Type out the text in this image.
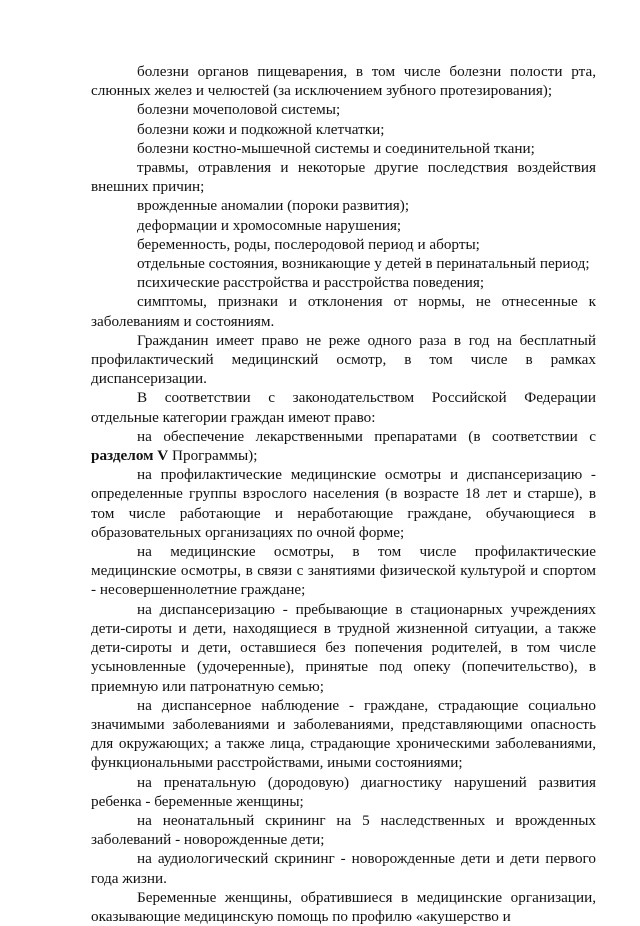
болезни органов пищеварения, в том числе болезни полости рта, слюнных желез и челюстей (за исключением зубного протезирования);

болезни мочеполовой системы;

болезни кожи и подкожной клетчатки;

болезни костно-мышечной системы и соединительной ткани;

травмы, отравления и некоторые другие последствия воздействия внешних причин;

врожденные аномалии (пороки развития);

деформации и хромосомные нарушения;

беременность, роды, послеродовой период и аборты;

отдельные состояния, возникающие у детей в перинатальный период;

психические расстройства и расстройства поведения;

симптомы, признаки и отклонения от нормы, не отнесенные к заболеваниям и состояниям.

Гражданин имеет право не реже одного раза в год на бесплатный профилактический медицинский осмотр, в том числе в рамках диспансеризации.

В соответствии с законодательством Российской Федерации отдельные категории граждан имеют право:

на обеспечение лекарственными препаратами (в соответствии с разделом V Программы);

на профилактические медицинские осмотры и диспансеризацию - определенные группы взрослого населения (в возрасте 18 лет и старше), в том числе работающие и неработающие граждане, обучающиеся в образовательных организациях по очной форме;

на медицинские осмотры, в том числе профилактические медицинские осмотры, в связи с занятиями физической культурой и спортом - несовершеннолетние граждане;

на диспансеризацию - пребывающие в стационарных учреждениях дети-сироты и дети, находящиеся в трудной жизненной ситуации, а также дети-сироты и дети, оставшиеся без попечения родителей, в том числе усыновленные (удочеренные), принятые под опеку (попечительство), в приемную или патронатную семью;

на диспансерное наблюдение - граждане, страдающие социально значимыми заболеваниями и заболеваниями, представляющими опасность для окружающих; а также лица, страдающие хроническими заболеваниями, функциональными расстройствами, иными состояниями;

на пренатальную (дородовую) диагностику нарушений развития ребенка - беременные женщины;

на неонатальный скрининг на 5 наследственных и врожденных заболеваний - новорожденные дети;

на аудиологический скрининг - новорожденные дети и дети первого года жизни.

Беременные женщины, обратившиеся в медицинские организации, оказывающие медицинскую помощь по профилю «акушерство и
